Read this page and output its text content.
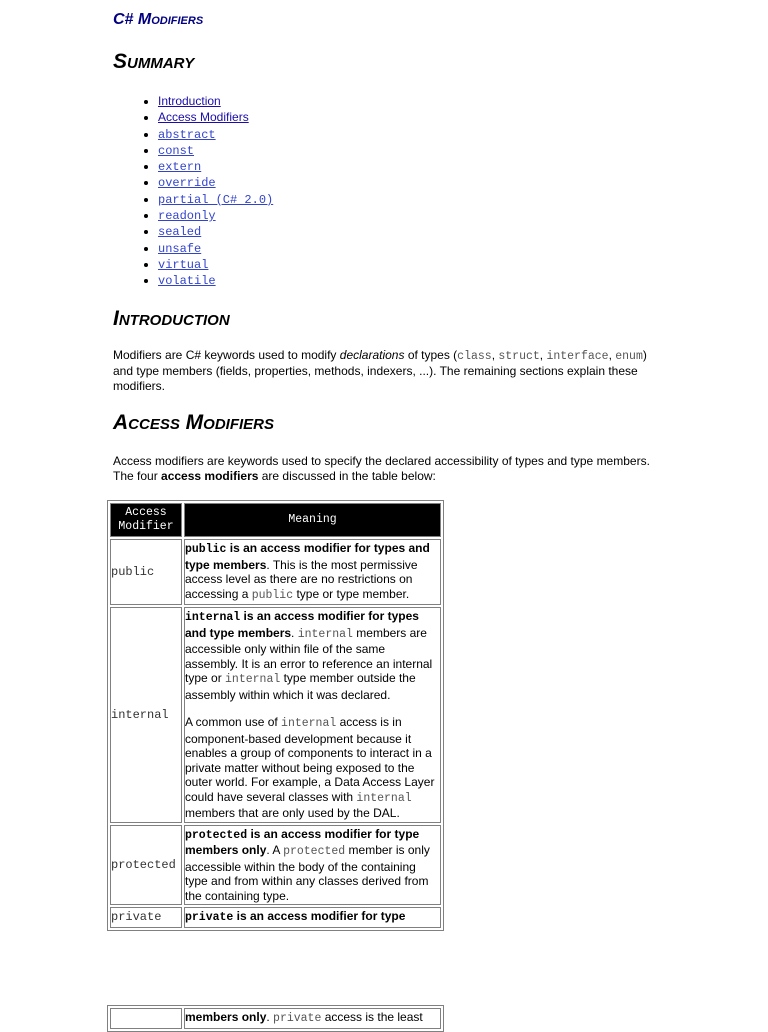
C# Modifiers
Summary
• Introduction
• Access Modifiers
• abstract
• const
• extern
• override
• partial (C# 2.0)
• readonly
• sealed
• unsafe
• virtual
• volatile
Introduction

Modifiers are C# keywords used to modify declarations of types (class, struct, interface, enum) and type members (fields, properties, methods, indexers, ...). The remaining sections explain these modifiers.

Access Modifiers

Access modifiers are keywords used to specify the declared accessibility of types and type members. The four access modifiers are discussed in the table below:

Access Modifier	Meaning
public	public is an access modifier for types and type members. This is the most permissive access level as there are no restrictions on accessing a public type or type member.

internal	internal is an access modifier for types and type members. internal members are accessible only within file of the same assembly. It is an error to reference an internal type or internal type member outside the assembly within which it was declared.

A common use of internal access is in component-based development because it enables a group of components to interact in a private matter without being exposed to the outer world. For example, a Data Access Layer could have several classes with internal members that are only used by the DAL.

protected	protected is an access modifier for type members only. A protected member is only accessible within the body of the containing type and from within any classes derived from the containing type.

private	private is an access modifier for type

members only. private access is the least
